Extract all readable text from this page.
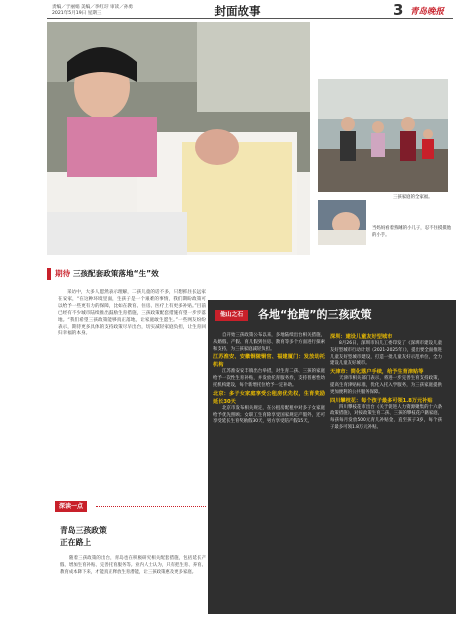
责编／于丽娟 美编／李红玗 审读／孙勇
2021年5月19日 星期三	封面故事	3 青岛晚报
三孩家庭的全家福。
当妈妈看着熟睡的小儿子，忍不住摸摸他的小手。
期待 三孩配套政策落地“生”效
采访中，大多人愿然表示理解，二孩儿童的话不多，只想抓住长远家在安家，“在这种环境里面，生孩子是一个艰难的事情，我们期盼政策可以给予一些更有力的保障，比如在教育、住房、医疗上有更多补贴。”目前已经有不少城市陆续推出鼓励生育措施，三孩政策配套措施有望一步步落地。“我们希望三孩政策能够真正落地，让家庭敢生愿生。”一些网友纷纷表示，期待更多具体的支持政策尽早出台，切实减轻家庭负担，让生育回归幸福的本身。
深读一点
青岛三孩政策
正在路上
随着三孩政策的出台，青岛也在积极研究相关配套措施，包括延长产假、增加生育补贴、完善托育服务等。业内人士认为，只有把生育、养育、教育成本降下来，才能真正释放生育潜能，让三孩政策惠及更多家庭。
他山之石	各地“抢跑”的三孩政策
自开始三孩政策公布以来，多地陆续出台相关措施，从婚假、产假、育儿假到住房、教育等多个方面进行探索和支持，为三孩家庭减轻负担。
江苏淮安、安徽铜陵铜官、福建厦门：发放幼托机构
江苏淮安安丰镇出台举措，对生育二孩、三孩的家庭给予一次性生育补贴，并发放托育服务券，支持普惠性幼托机构建设，每个新增托位给予一定补助。
北京：多子女家庭享受公租房优先权，生育奖励延长30天
北京市发布相关规定，在公租房配租中对多子女家庭给予优先照顾；女职工生育除享受国家规定产假外，还可享受延长生育奖励假30天，男方享受陪产假15天。
深圳：建设儿童友好型城市
8月26日，深圳市妇儿工委印发了《深圳市建设儿童友好型城市行动计划（2021-2025年）》，提出要全面推进儿童友好型城市建设，打造一批儿童友好示范单位，全力建设儿童友好城市。
天津市：简化落户手续，给予生育津贴等
天津市相关部门表示，将进一步完善生育支持政策，提高生育津贴标准，优化入托入学服务，为三孩家庭提供更加便利的公共服务保障。
四川攀枝花：每个孩子最多可领1.8万元补贴
四川攀枝花市出台《关于促进人力资源聚集的十六条政策措施》，对按政策生育二孩、三孩的攀枝花户籍家庭，每孩每月发放500元育儿补贴金，直至孩子3岁，每个孩子最多可领1.8万元补贴。
